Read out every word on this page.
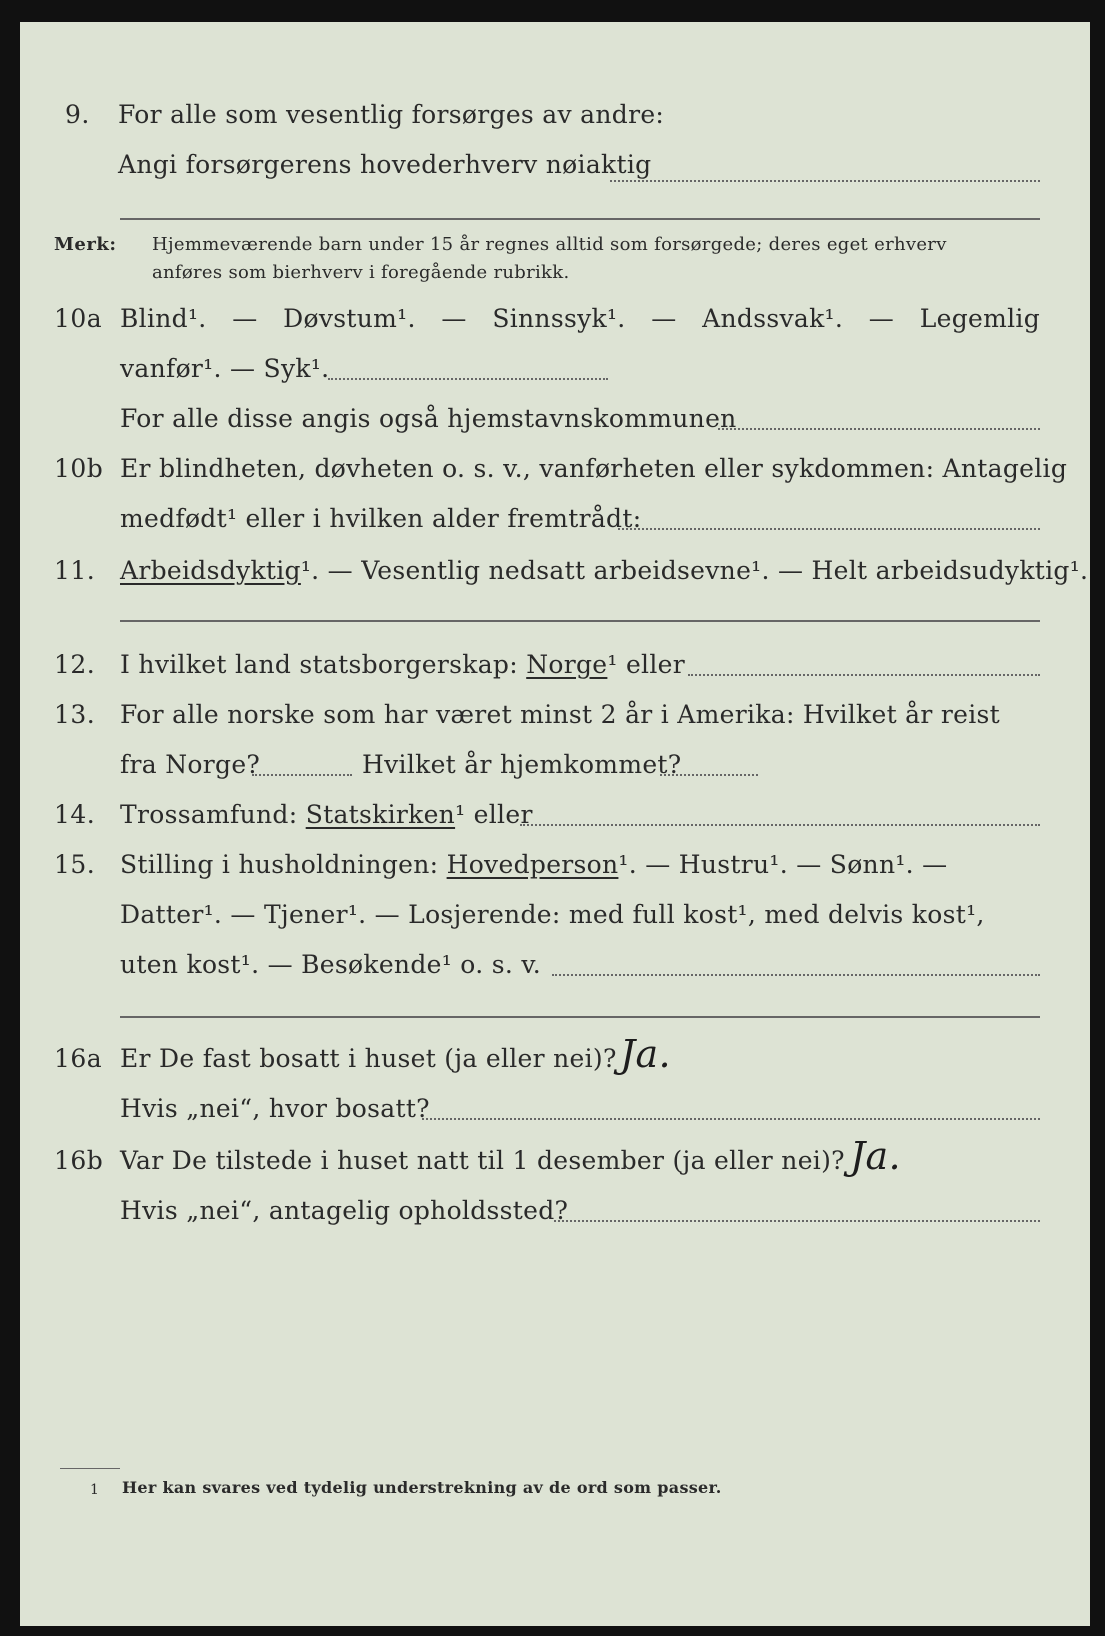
9. For alle som vesentlig forsørges av andre:
Angi forsørgerens hovederhverv nøiaktig
Merk: Hjemmeværende barn under 15 år regnes alltid som forsørgede; deres eget erhverv
anføres som bierhverv i foregående rubrikk.
10a Blind¹. — Døvstum¹. — Sinnssyk¹. — Andssvak¹. — Legemlig
vanfør¹. — Syk¹.
For alle disse angis også hjemstavnskommunen
10b Er blindheten, døvheten o. s. v., vanførheten eller sykdommen: Antagelig
medfødt¹ eller i hvilken alder fremtrådt:
11. Arbeidsdyktig¹. — Vesentlig nedsatt arbeidsevne¹. — Helt arbeidsudyktig¹.
12. I hvilket land statsborgerskap: Norge¹ eller
13. For alle norske som har været minst 2 år i Amerika: Hvilket år reist
fra Norge?	Hvilket år hjemkommet?
14. Trossamfund: Statskirken¹ eller
15. Stilling i husholdningen: Hovedperson¹. — Hustru¹. — Sønn¹. —
Datter¹. — Tjener¹. — Losjerende: med full kost¹, med delvis kost¹,
uten kost¹. — Besøkende¹ o. s. v.
16a Er De fast bosatt i huset (ja eller nei)? Ja.
Hvis „nei“, hvor bosatt?
16b Var De tilstede i huset natt til 1 desember (ja eller nei)? Ja.
Hvis „nei“, antagelig opholdssted?
1 Her kan svares ved tydelig understrekning av de ord som passer.
